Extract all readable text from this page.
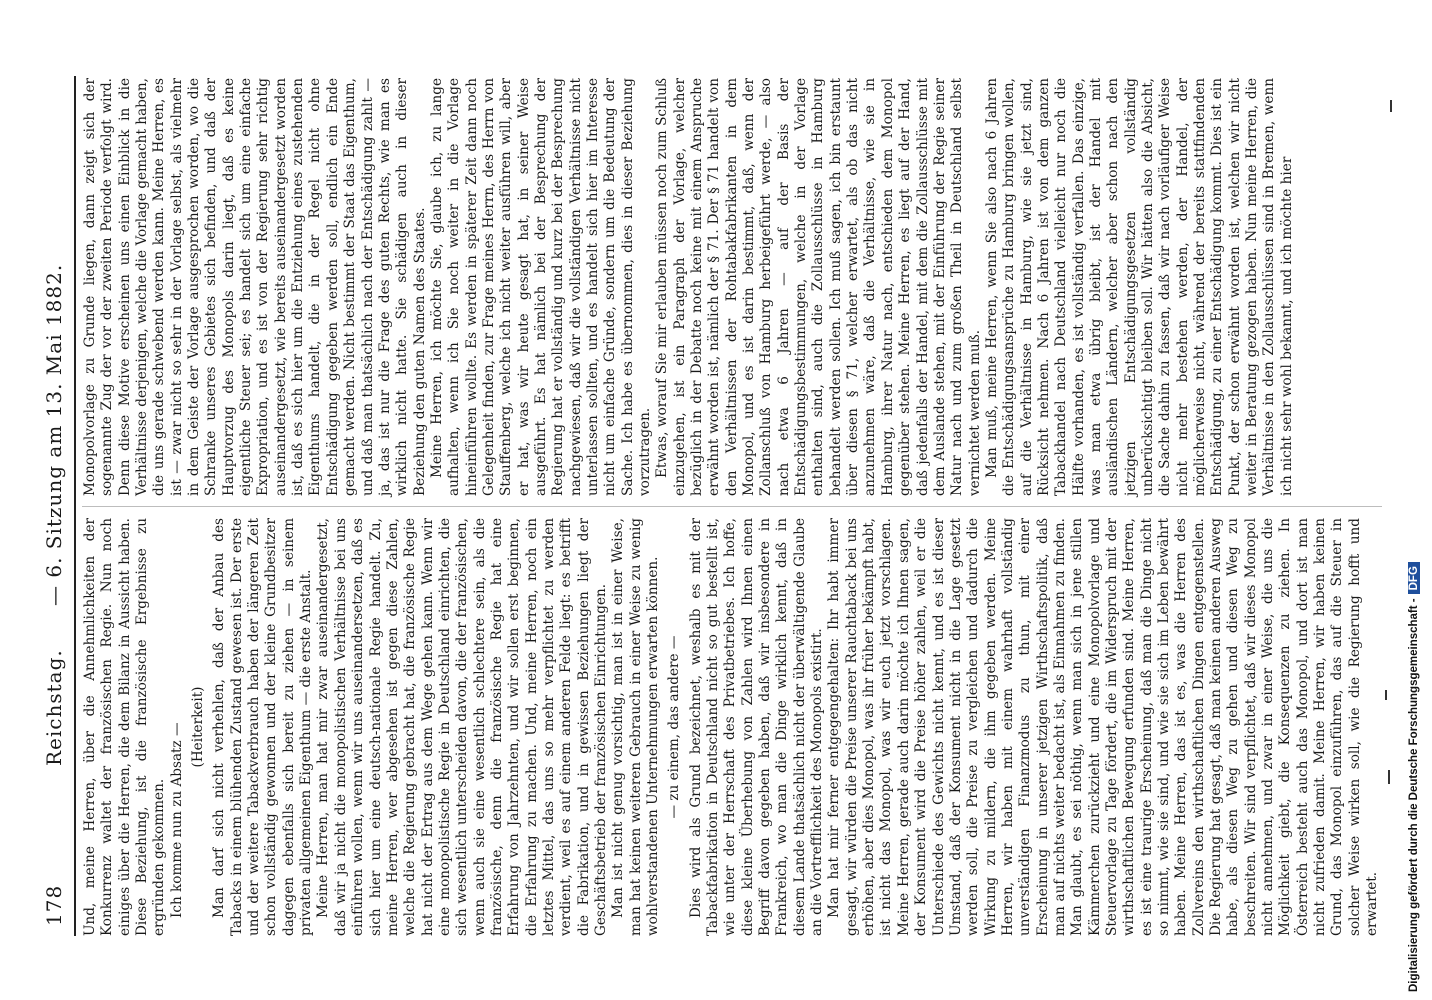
178
Reichstag.
— 6. Sitzung am 13. Mai 1882.

Und, meine Herren, über die Annehmlichkeiten der Konkurrenz waltet der französischen Regie. Nun noch einiges über die Herren, die dem Bilanz in Aussicht haben. Diese Beziehung, ist die französische Ergebnisse zu ergründen gekommen. Ich komme nun zu Absatz — (Heiterkeit) Man darf sich nicht verhehlen, daß der Anbau des Tabacks in einem blühenden Zustand gewesen ist. Der erste und der weitere Tabackverbrauch haben der längeren Zeit schon vollständig gewonnen und der kleine Grundbesitzer dagegen ebenfalls sich bereit zu ziehen — in seinem privaten allgemeinen Eigenthum — die erste Anstalt. Meine Herren, man hat mir zwar auseinandergesetzt, daß wir ja nicht die monopolistischen Verhältnisse bei uns einführen wollen, wenn wir uns auseinandersetzen, daß es sich hier um eine deutsch-nationale Regie handelt. Zu, meine Herren, wer abgesehen ist gegen diese Zahlen, welche die Regierung gebracht hat, die französische Regie hat nicht der Ertrag aus dem Wege gehen kann. Wenn wir eine monopolistische Regie in Deutschland einrichten, die sich wesentlich unterscheiden davon, die der französischen, wenn auch sie eine wesentlich schlechtere sein, als die französische, denn die französische Regie hat eine Erfahrung von Jahrzehnten, und wir sollen erst beginnen, die Erfahrung zu machen. Und, meine Herren, noch ein letztes Mittel, das uns so mehr verpflichtet zu werden verdient, weil es auf einem anderen Felde liegt: es betrifft die Fabrikation, und in gewissen Beziehungen liegt der Geschäftsbetrieb der französischen Einrichtungen. Man ist nicht genug vorsichtig, man ist in einer Weise, man hat keinen weiteren Gebrauch in einer Weise zu wenig wohlverstandenen Unternehmungen erwarten können. — zu einem, das andere — Dies wird als Grund bezeichnet, weshalb es mit der Tabackfabrikation in Deutschland nicht so gut bestellt ist, wie unter der Herrschaft des Privatbetriebes. Ich hoffe, diese kleine Überhebung von Zahlen wird Ihnen einen Begriff davon gegeben haben, daß wir insbesondere in Frankreich, wo man die Dinge wirklich kennt, daß in diesem Lande thatsächlich nicht der überwältigende Glaube an die Vortrefflichkeit des Monopols existirt. Man hat mir ferner entgegengehalten: Ihr habt immer gesagt, wir würden die Preise unserer Rauchtaback bei uns erhöhen, aber dies Monopol, was ihr früher bekämpft habt, ist nicht das Monopol, was wir euch jetzt vorschlagen. Meine Herren, gerade auch darin möchte ich Ihnen sagen, der Konsument wird die Preise höher zahlen, weil er die Unterschiede des Gewichts nicht kennt, und es ist dieser Umstand, daß der Konsument nicht in die Lage gesetzt werden soll, die Preise zu vergleichen und dadurch die Wirkung zu mildern, die ihm gegeben werden. Meine Herren, wir haben mit einem wahrhaft vollständig unverständigen Finanzmodus zu thun, mit einer Erscheinung in unserer jetzigen Wirthschaftspolitik, daß man auf nichts weiter bedacht ist, als Einnahmen zu finden. Man glaubt, es sei nöthig, wenn man sich in jene stillen Kämmerchen zurückzieht und eine Monopolvorlage und Steuervorlage zu Tage fördert, die im Widerspruch mit der wirthschaftlichen Bewegung erfunden sind. Meine Herren, es ist eine traurige Erscheinung, daß man die Dinge nicht so nimmt, wie sie sind, und wie sie sich im Leben bewährt haben. Meine Herren, das ist es, was die Herren des Zollvereins den wirthschaftlichen Dingen entgegenstellen. Die Regierung hat gesagt, daß man keinen anderen Ausweg habe, als diesen Weg zu gehen und diesen Weg zu beschreiten. Wir sind verpflichtet, daß wir dieses Monopol nicht annehmen, und zwar in einer Weise, die uns die Möglichkeit giebt, die Konsequenzen zu ziehen. In Österreich besteht auch das Monopol, und dort ist man nicht zufrieden damit. Meine Herren, wir haben keinen Grund, das Monopol einzuführen, das auf die Steuer in solcher Weise wirken soll, wie die Regierung hofft und erwartet.

Monopolvorlage zu Grunde liegen, dann zeigt sich der sogenannte Zug der vor der zweiten Periode verfolgt wird. Denn diese Motive erscheinen uns einen Einblick in die Verhältnisse derjenigen, welche die Vorlage gemacht haben, die uns gerade schwebend werden kann. Meine Herren, es ist — zwar nicht so sehr in der Vorlage selbst, als vielmehr in dem Geiste der Vorlage ausgesprochen worden, wo die Schranke unseres Gebietes sich befinden, und daß der Hauptvorzug des Monopols darin liegt, daß es keine eigentliche Steuer sei; es handelt sich um eine einfache Expropriation, und es ist von der Regierung sehr richtig auseinandergesetzt, wie bereits auseinandergesetzt worden ist, daß es sich hier um die Entziehung eines zustehenden Eigenthums handelt, die in der Regel nicht ohne Entschädigung gegeben werden soll, endlich ein Ende gemacht werden. Nicht bestimmt der Staat das Eigenthum, und daß man thatsächlich nach der Entschädigung zahlt — ja, das ist nur die Frage des guten Rechts, wie man es wirklich nicht hatte. Sie schädigen auch in dieser Beziehung den guten Namen des Staates. Meine Herren, ich möchte Sie, glaube ich, zu lange aufhalten, wenn ich Sie noch weiter in die Vorlage hineinführen wollte. Es werden in späterer Zeit dann noch Gelegenheit finden, zur Frage meines Herrn, des Herrn von Stauffenberg, welche ich nicht weiter ausführen will, aber er hat, was wir heute gesagt hat, in seiner Weise ausgeführt. Es hat nämlich bei der Besprechung der Regierung hat er vollständig und kurz bei der Besprechung nachgewiesen, daß wir die vollständigen Verhältnisse nicht unterlassen sollten, und es handelt sich hier im Interesse nicht um einfache Gründe, sondern um die Bedeutung der Sache. Ich habe es übernommen, dies in dieser Beziehung vorzutragen. Etwas, worauf Sie mir erlauben müssen noch zum Schluß einzugehen, ist ein Paragraph der Vorlage, welcher bezüglich in der Debatte noch keine mit einem Anspruche erwähnt worden ist, nämlich der § 71. Der § 71 handelt von den Verhältnissen der Rohtabakfabrikanten in dem Monopol, und es ist darin bestimmt, daß, wenn der Zollanschluß von Hamburg herbeigeführt werde, — also nach etwa 6 Jahren — auf der Basis der Entschädigungsbestimmungen, welche in der Vorlage enthalten sind, auch die Zollausschlüsse in Hamburg behandelt werden sollen. Ich muß sagen, ich bin erstaunt über diesen § 71, welcher erwartet, als ob das nicht anzunehmen wäre, daß die Verhältnisse, wie sie in Hamburg, ihrer Natur nach, entschieden dem Monopol gegenüber stehen. Meine Herren, es liegt auf der Hand, daß jedenfalls der Handel, mit dem die Zollausschlüsse mit dem Auslande stehen, mit der Einführung der Regie seiner Natur nach und zum großen Theil in Deutschland selbst vernichtet werden muß. Man muß, meine Herren, wenn Sie also nach 6 Jahren die Entschädigungsansprüche zu Hamburg bringen wollen, auf die Verhältnisse in Hamburg, wie sie jetzt sind, Rücksicht nehmen. Nach 6 Jahren ist von dem ganzen Tabackhandel nach Deutschland vielleicht nur noch die Hälfte vorhanden, es ist vollständig verfallen. Das einzige, was man etwa übrig bleibt, ist der Handel mit ausländischen Ländern, welcher aber schon nach den jetzigen Entschädigungsgesetzen vollständig unberücksichtigt bleiben soll. Wir hätten also die Absicht, die Sache dahin zu fassen, daß wir nach vorläufiger Weise nicht mehr bestehen werden, der Handel, der möglicherweise nicht, während der bereits stattfindenden Entschädigung, zu einer Entschädigung kommt. Dies ist ein Punkt, der schon erwähnt worden ist, welchen wir nicht weiter in Beratung gezogen haben. Nun meine Herren, die Verhältnisse in den Zollausschlüssen sind in Bremen, wenn ich nicht sehr wohl bekannt, und ich möchte hier

Digitalisierung gefördert durch die Deutsche Forschungsgemeinschaft -DFG
